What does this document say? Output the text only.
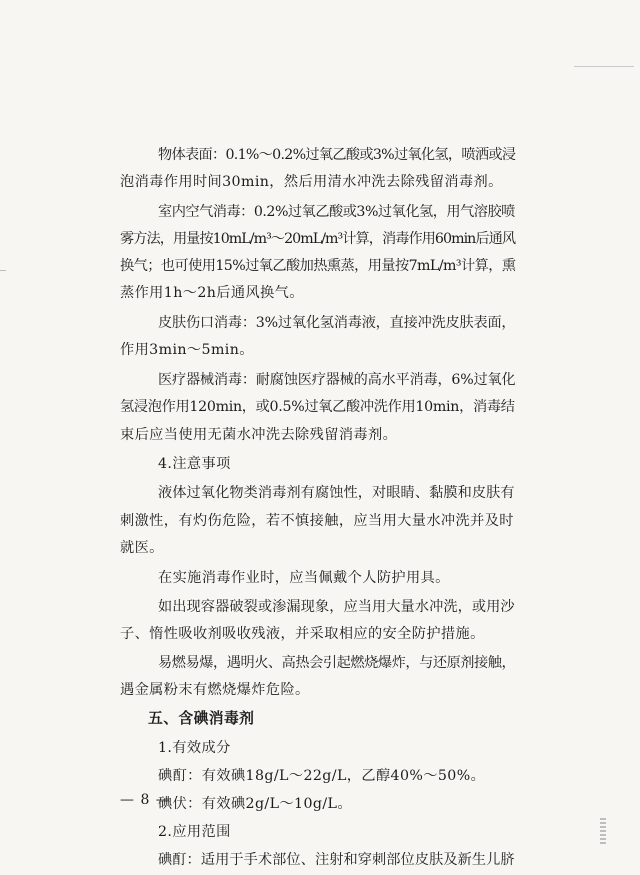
物体表面：0.1%～0.2%过氧乙酸或3%过氧化氢，喷洒或浸
泡消毒作用时间30min，然后用清水冲洗去除残留消毒剂。
室内空气消毒：0.2%过氧乙酸或3%过氧化氢，用气溶胶喷
雾方法，用量按10mL/m³～20mL/m³计算，消毒作用60min后通风
换气；也可使用15%过氧乙酸加热熏蒸，用量按7mL/m³计算，熏
蒸作用1h～2h后通风换气。
皮肤伤口消毒：3%过氧化氢消毒液，直接冲洗皮肤表面，
作用3min～5min。
医疗器械消毒：耐腐蚀医疗器械的高水平消毒，6%过氧化
氢浸泡作用120min，或0.5%过氧乙酸冲洗作用10min，消毒结
束后应当使用无菌水冲洗去除残留消毒剂。
4.注意事项
液体过氧化物类消毒剂有腐蚀性，对眼睛、黏膜和皮肤有
刺激性，有灼伤危险，若不慎接触，应当用大量水冲洗并及时
就医。
在实施消毒作业时，应当佩戴个人防护用具。
如出现容器破裂或渗漏现象，应当用大量水冲洗，或用沙
子、惰性吸收剂吸收残液，并采取相应的安全防护措施。
易燃易爆，遇明火、高热会引起燃烧爆炸，与还原剂接触，
遇金属粉末有燃烧爆炸危险。
五、含碘消毒剂
1.有效成分
碘酊：有效碘18g/L～22g/L，乙醇40%～50%。
碘伏：有效碘2g/L～10g/L。
2.应用范围
碘酊：适用于手术部位、注射和穿刺部位皮肤及新生儿脐
— 8 —
